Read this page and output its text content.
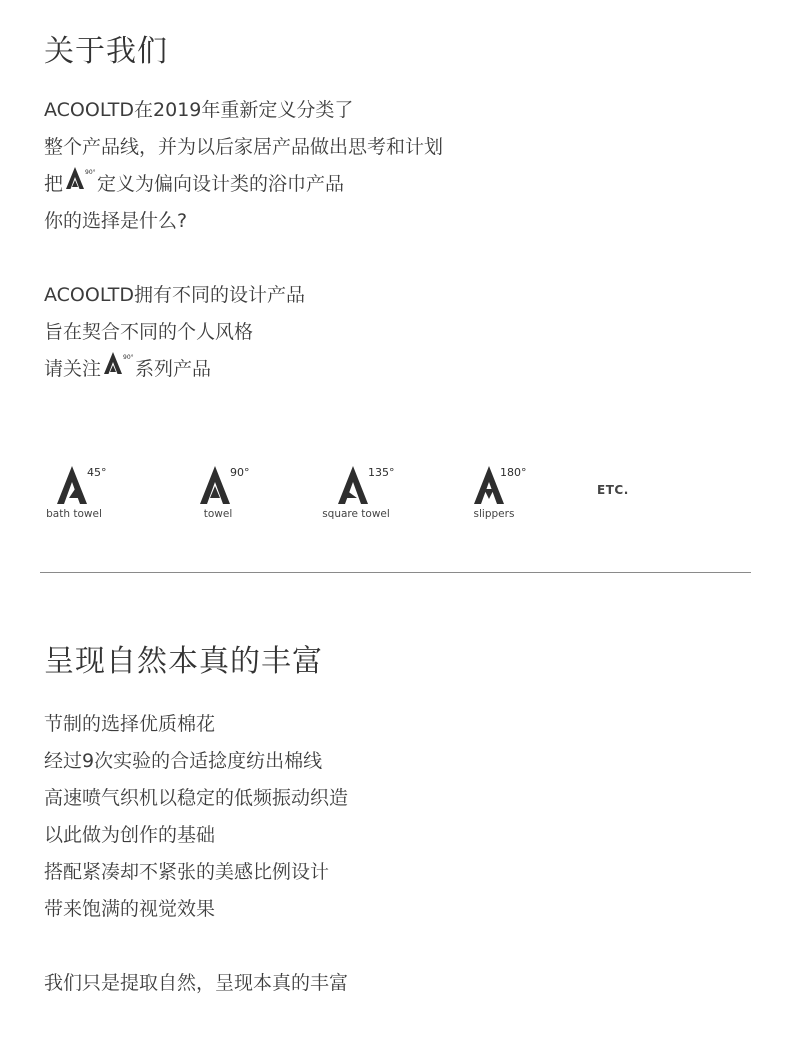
关于我们
ACOOLTD在2019年重新定义分类了
整个产品线，并为以后家居产品做出思考和计划
把
90°
定义为偏向设计类的浴巾产品
你的选择是什么?
ACOOLTD拥有不同的设计产品
旨在契合不同的个人风格
请关注
90°
系列产品
45°
bath towel
90°
towel
135°
square towel
180°
slippers
ETC.
呈现自然本真的丰富
节制的选择优质棉花
经过9次实验的合适捻度纺出棉线
高速喷气织机以稳定的低频振动织造
以此做为创作的基础
搭配紧凑却不紧张的美感比例设计
带来饱满的视觉效果
我们只是提取自然，呈现本真的丰富
